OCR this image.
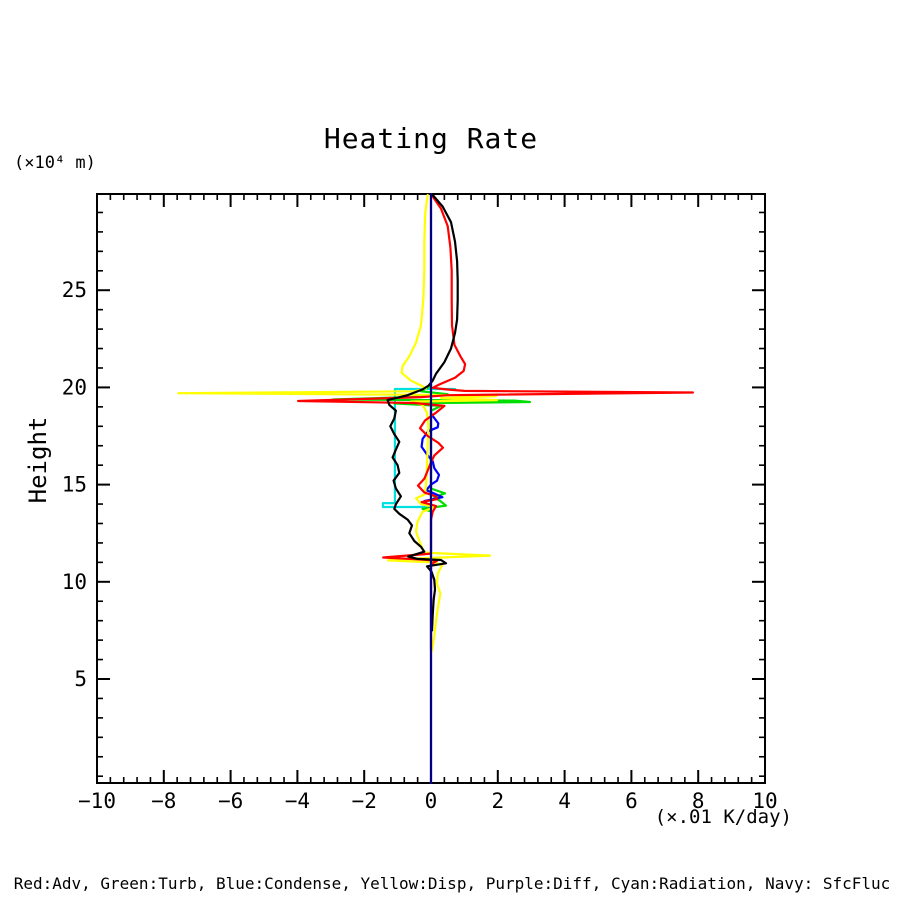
Heating Rate
(×10⁴ m)
Height
(×.01 K/day)
Red:Adv, Green:Turb, Blue:Condense, Yellow:Disp, Purple:Diff, Cyan:Radiation, Navy: SfcFluc
−10 −8 −6 −4 −2 0	2	4	6	8 10
5
10
15
20
25
